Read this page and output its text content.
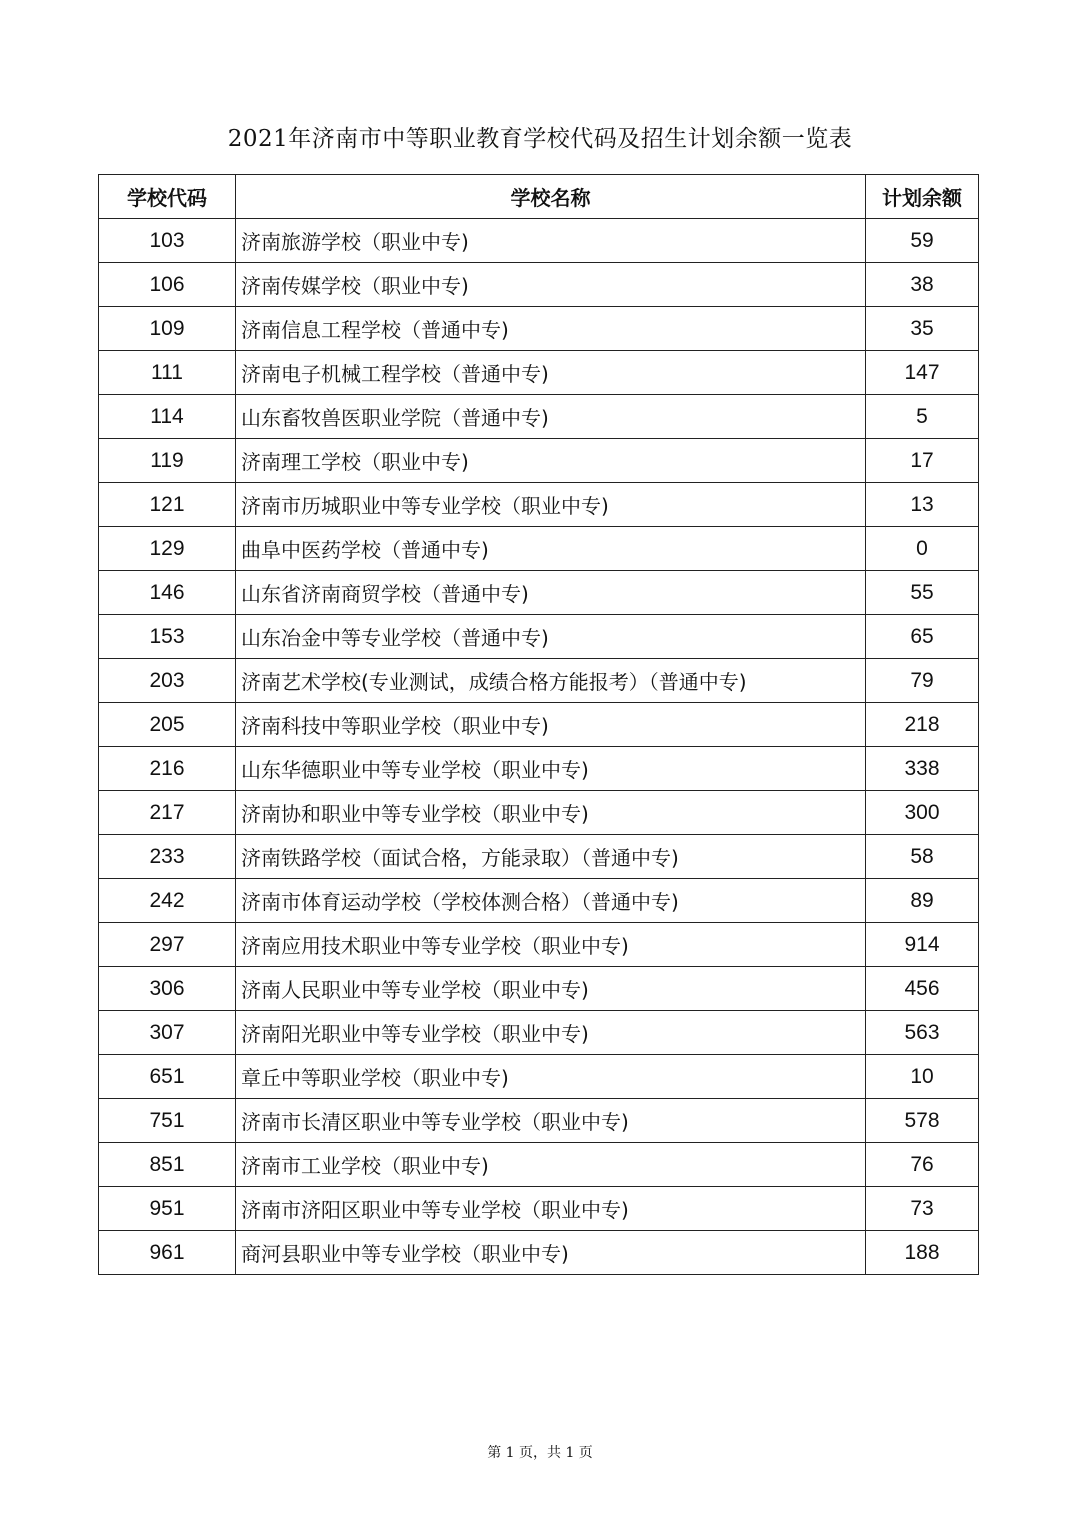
2021年济南市中等职业教育学校代码及招生计划余额一览表
学校代码	学校名称	计划余额
103	济南旅游学校（职业中专)	59
106	济南传媒学校（职业中专)	38
109	济南信息工程学校（普通中专)	35
111	济南电子机械工程学校（普通中专)	147
114	山东畜牧兽医职业学院（普通中专)	5
119	济南理工学校（职业中专)	17
121	济南市历城职业中等专业学校（职业中专)	13
129	曲阜中医药学校（普通中专)	0
146	山东省济南商贸学校（普通中专)	55
153	山东冶金中等专业学校（普通中专)	65
203	济南艺术学校(专业测试，成绩合格方能报考）（普通中专)	79
205	济南科技中等职业学校（职业中专)	218
216	山东华德职业中等专业学校（职业中专)	338
217	济南协和职业中等专业学校（职业中专)	300
233	济南铁路学校（面试合格，方能录取）（普通中专)	58
242	济南市体育运动学校（学校体测合格）（普通中专)	89
297	济南应用技术职业中等专业学校（职业中专)	914
306	济南人民职业中等专业学校（职业中专)	456
307	济南阳光职业中等专业学校（职业中专)	563
651	章丘中等职业学校（职业中专)	10
751	济南市长清区职业中等专业学校（职业中专)	578
851	济南市工业学校（职业中专)	76
951	济南市济阳区职业中等专业学校（职业中专)	73
961	商河县职业中等专业学校（职业中专)	188
第 1 页，共 1 页
